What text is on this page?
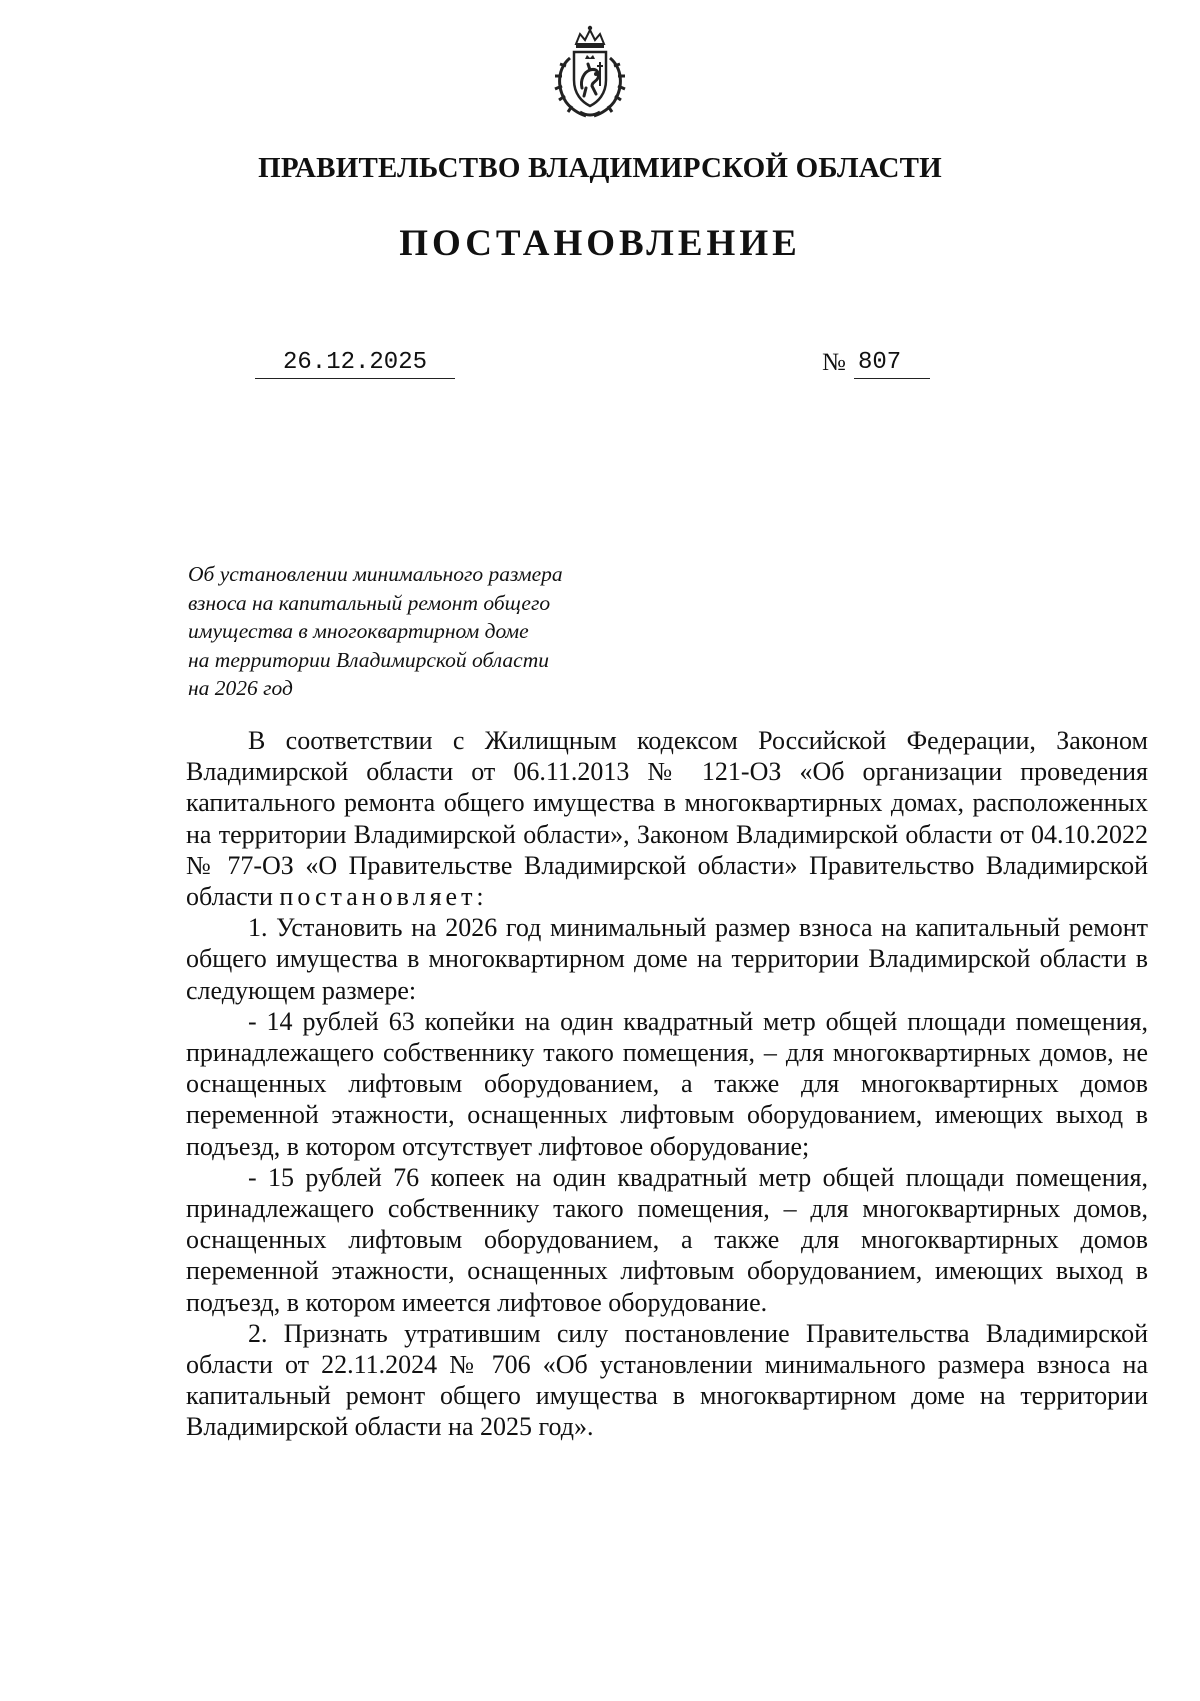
ПРАВИТЕЛЬСТВО ВЛАДИМИРСКОЙ ОБЛАСТИ
ПОСТАНОВЛЕНИЕ
26.12.2025	№ 807
Об установлении минимального размера
взноса на капитальный ремонт общего
имущества в многоквартирном доме
на территории Владимирской области
на 2026 год

В соответствии с Жилищным кодексом Российской Федерации, Законом Владимирской области от 06.11.2013 № 121-ОЗ «Об организации проведения капитального ремонта общего имущества в многоквартирных домах, расположенных на территории Владимирской области», Законом Владимирской области от 04.10.2022 № 77-ОЗ «О Правительстве Владимирской области» Правительство Владимирской области постановляет:

1. Установить на 2026 год минимальный размер взноса на капитальный ремонт общего имущества в многоквартирном доме на территории Владимирской области в следующем размере:

- 14 рублей 63 копейки на один квадратный метр общей площади помещения, принадлежащего собственнику такого помещения, – для многоквартирных домов, не оснащенных лифтовым оборудованием, а также для многоквартирных домов переменной этажности, оснащенных лифтовым оборудованием, имеющих выход в подъезд, в котором отсутствует лифтовое оборудование;

- 15 рублей 76 копеек на один квадратный метр общей площади помещения, принадлежащего собственнику такого помещения, – для многоквартирных домов, оснащенных лифтовым оборудованием, а также для многоквартирных домов переменной этажности, оснащенных лифтовым оборудованием, имеющих выход в подъезд, в котором имеется лифтовое оборудование.

2. Признать утратившим силу постановление Правительства Владимирской области от 22.11.2024 № 706 «Об установлении минимального размера взноса на капитальный ремонт общего имущества в многоквартирном доме на территории Владимирской области на 2025 год».
